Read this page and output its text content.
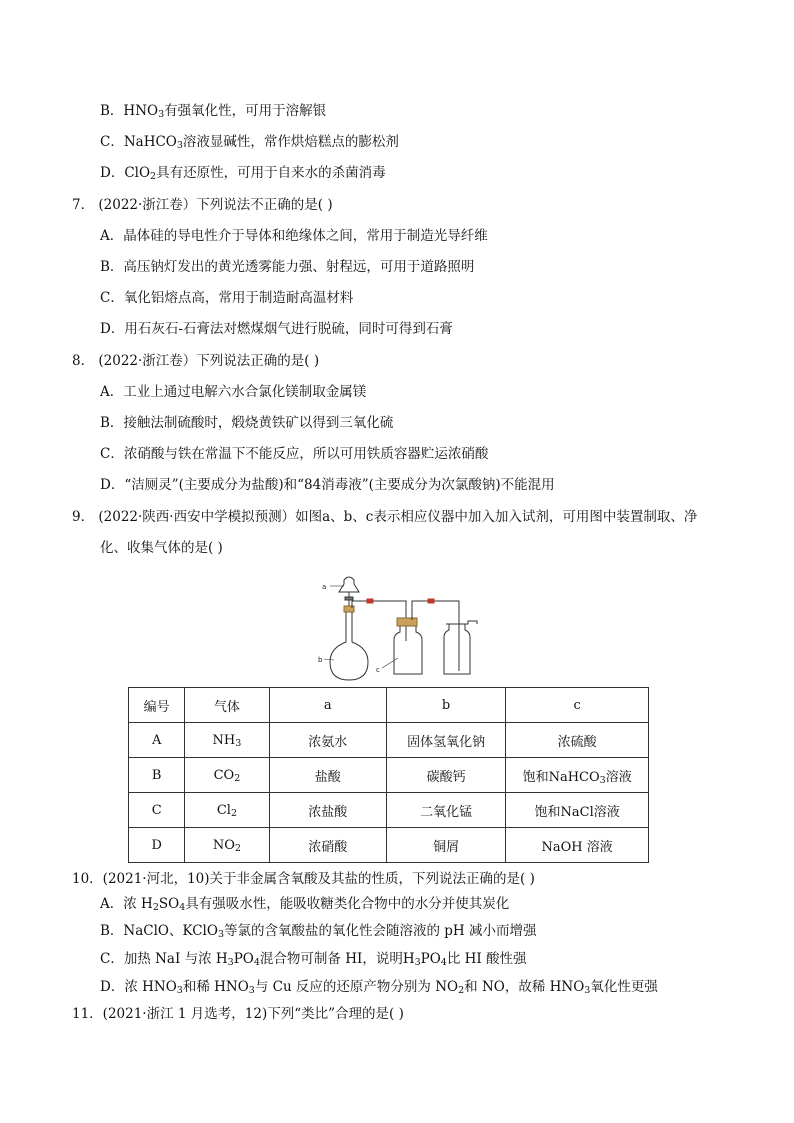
B．$HNO_3$有强氧化性，可用于溶解银
C．NaHCO$_3$溶液显碱性，常作烘焙糕点的膨松剂
D．ClO$_2$具有还原性，可用于自来水的杀菌消毒
7． (2022·浙江卷）下列说法不正确的是( )
A．晶体硅的导电性介于导体和绝缘体之间，常用于制造光导纤维
B．高压钠灯发出的黄光透雾能力强、射程远，可用于道路照明
C．氧化铝熔点高，常用于制造耐高温材料
D．用石灰石-石膏法对燃煤烟气进行脱硫，同时可得到石膏
8． (2022·浙江卷）下列说法正确的是( )
A．工业上通过电解六水合氯化镁制取金属镁
B．接触法制硫酸时，煅烧黄铁矿以得到三氧化硫
C．浓硝酸与铁在常温下不能反应，所以可用铁质容器贮运浓硝酸
D．“洁厕灵”(主要成分为盐酸)和“84消毒液”(主要成分为次氯酸钠)不能混用
9． (2022·陕西·西安中学模拟预测）如图a、b、c表示相应仪器中加入加入试剂，可用图中装置制取、净
化、收集气体的是( )
a
b
c
编号	气体	a	b	c
A	$NH_3$	浓氨水	固体氢氧化钠	浓硫酸
B	$CO_2$	盐酸	碳酸钙	饱和NaHCO$_3$溶液
C	$Cl_2$	浓盐酸	二氧化锰	饱和NaCl溶液
D	$NO_2$	浓硝酸	铜屑	NaOH 溶液
10．(2021·河北，10)关于非金属含氧酸及其盐的性质，下列说法正确的是( )
A．浓 $H_2SO_4$具有强吸水性，能吸收糖类化合物中的水分并使其炭化
B．NaClO、KClO$_3$等氯的含氧酸盐的氧化性会随溶液的 pH 减小而增强
C．加热 NaI 与浓 $H_3PO_4$混合物可制备 HI，说明$H_3PO_4$比 HI 酸性强
D．浓 $HNO_3$和稀 $HNO_3$与 Cu 反应的还原产物分别为 $NO_2$和 NO，故稀 $HNO_3$氧化性更强
11．(2021·浙江 1 月选考，12)下列“类比”合理的是( )
